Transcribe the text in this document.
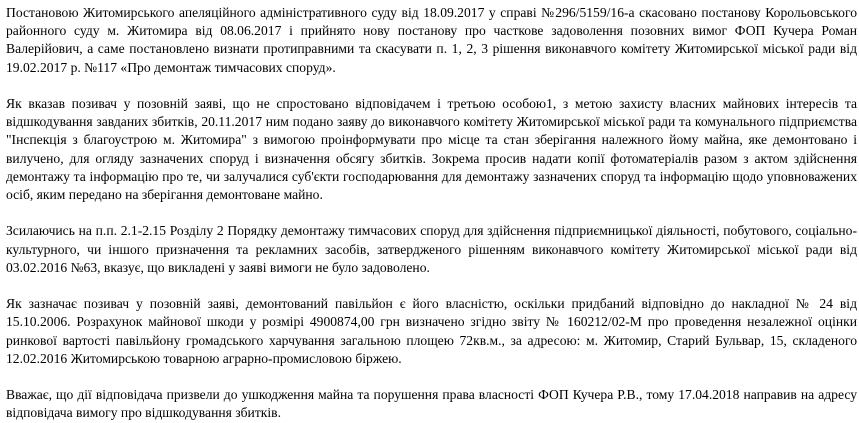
Постановою Житомирського апеляційного адміністративного суду від 18.09.2017 у справі №296/5159/16-а скасовано постанову Корольовського районного суду м. Житомира від 08.06.2017 і прийнято нову постанову про часткове задоволення позовних вимог ФОП Кучера Роман Валерійович, а саме постановлено визнати протиправними та скасувати п. 1, 2, 3 рішення виконавчого комітету Житомирської міської ради від 19.02.2017 р. №117 «Про демонтаж тимчасових споруд».

Як вказав позивач у позовній заяві, що не спростовано відповідачем і третьою особою1, з метою захисту власних майнових інтересів та відшкодування завданих збитків, 20.11.2017 ним подано заяву до виконавчого комітету Житомирської міської ради та комунального підприємства "Інспекція з благоустрою м. Житомира" з вимогою проінформувати про місце та стан зберігання належного йому майна, яке демонтовано і вилучено, для огляду зазначених споруд і визначення обсягу збитків. Зокрема просив надати копії фотоматеріалів разом з актом здійснення демонтажу та інформацію про те, чи залучалися суб'єкти господарювання для демонтажу зазначених споруд та інформацію щодо уповноважених осіб, яким передано на зберігання демонтоване майно.

Зсилаючись на п.п. 2.1-2.15 Розділу 2 Порядку демонтажу тимчасових споруд для здійснення підприємницької діяльності, побутового, соціально-культурного, чи іншого призначення та рекламних засобів, затвердженого рішенням виконавчого комітету Житомирської міської ради від 03.02.2016 №63, вказує, що викладені у заяві вимоги не було задоволено.

Як зазначає позивач у позовній заяві, демонтований павільйон є його власністю, оскільки придбаний відповідно до накладної № 24 від 15.10.2006. Розрахунок майнової шкоди у розмірі 4900874,00 грн визначено згідно звіту № 160212/02-М про проведення незалежної оцінки ринкової вартості павільйону громадського харчування загальною площею 72кв.м., за адресою: м. Житомир, Старий Бульвар, 15, складеного 12.02.2016 Житомирською товарною аграрно-промисловою біржею.

Вважає, що дії відповідача призвели до ушкодження майна та порушення права власності ФОП Кучера Р.В., тому 17.04.2018 направив на адресу відповідача вимогу про відшкодування збитків.
